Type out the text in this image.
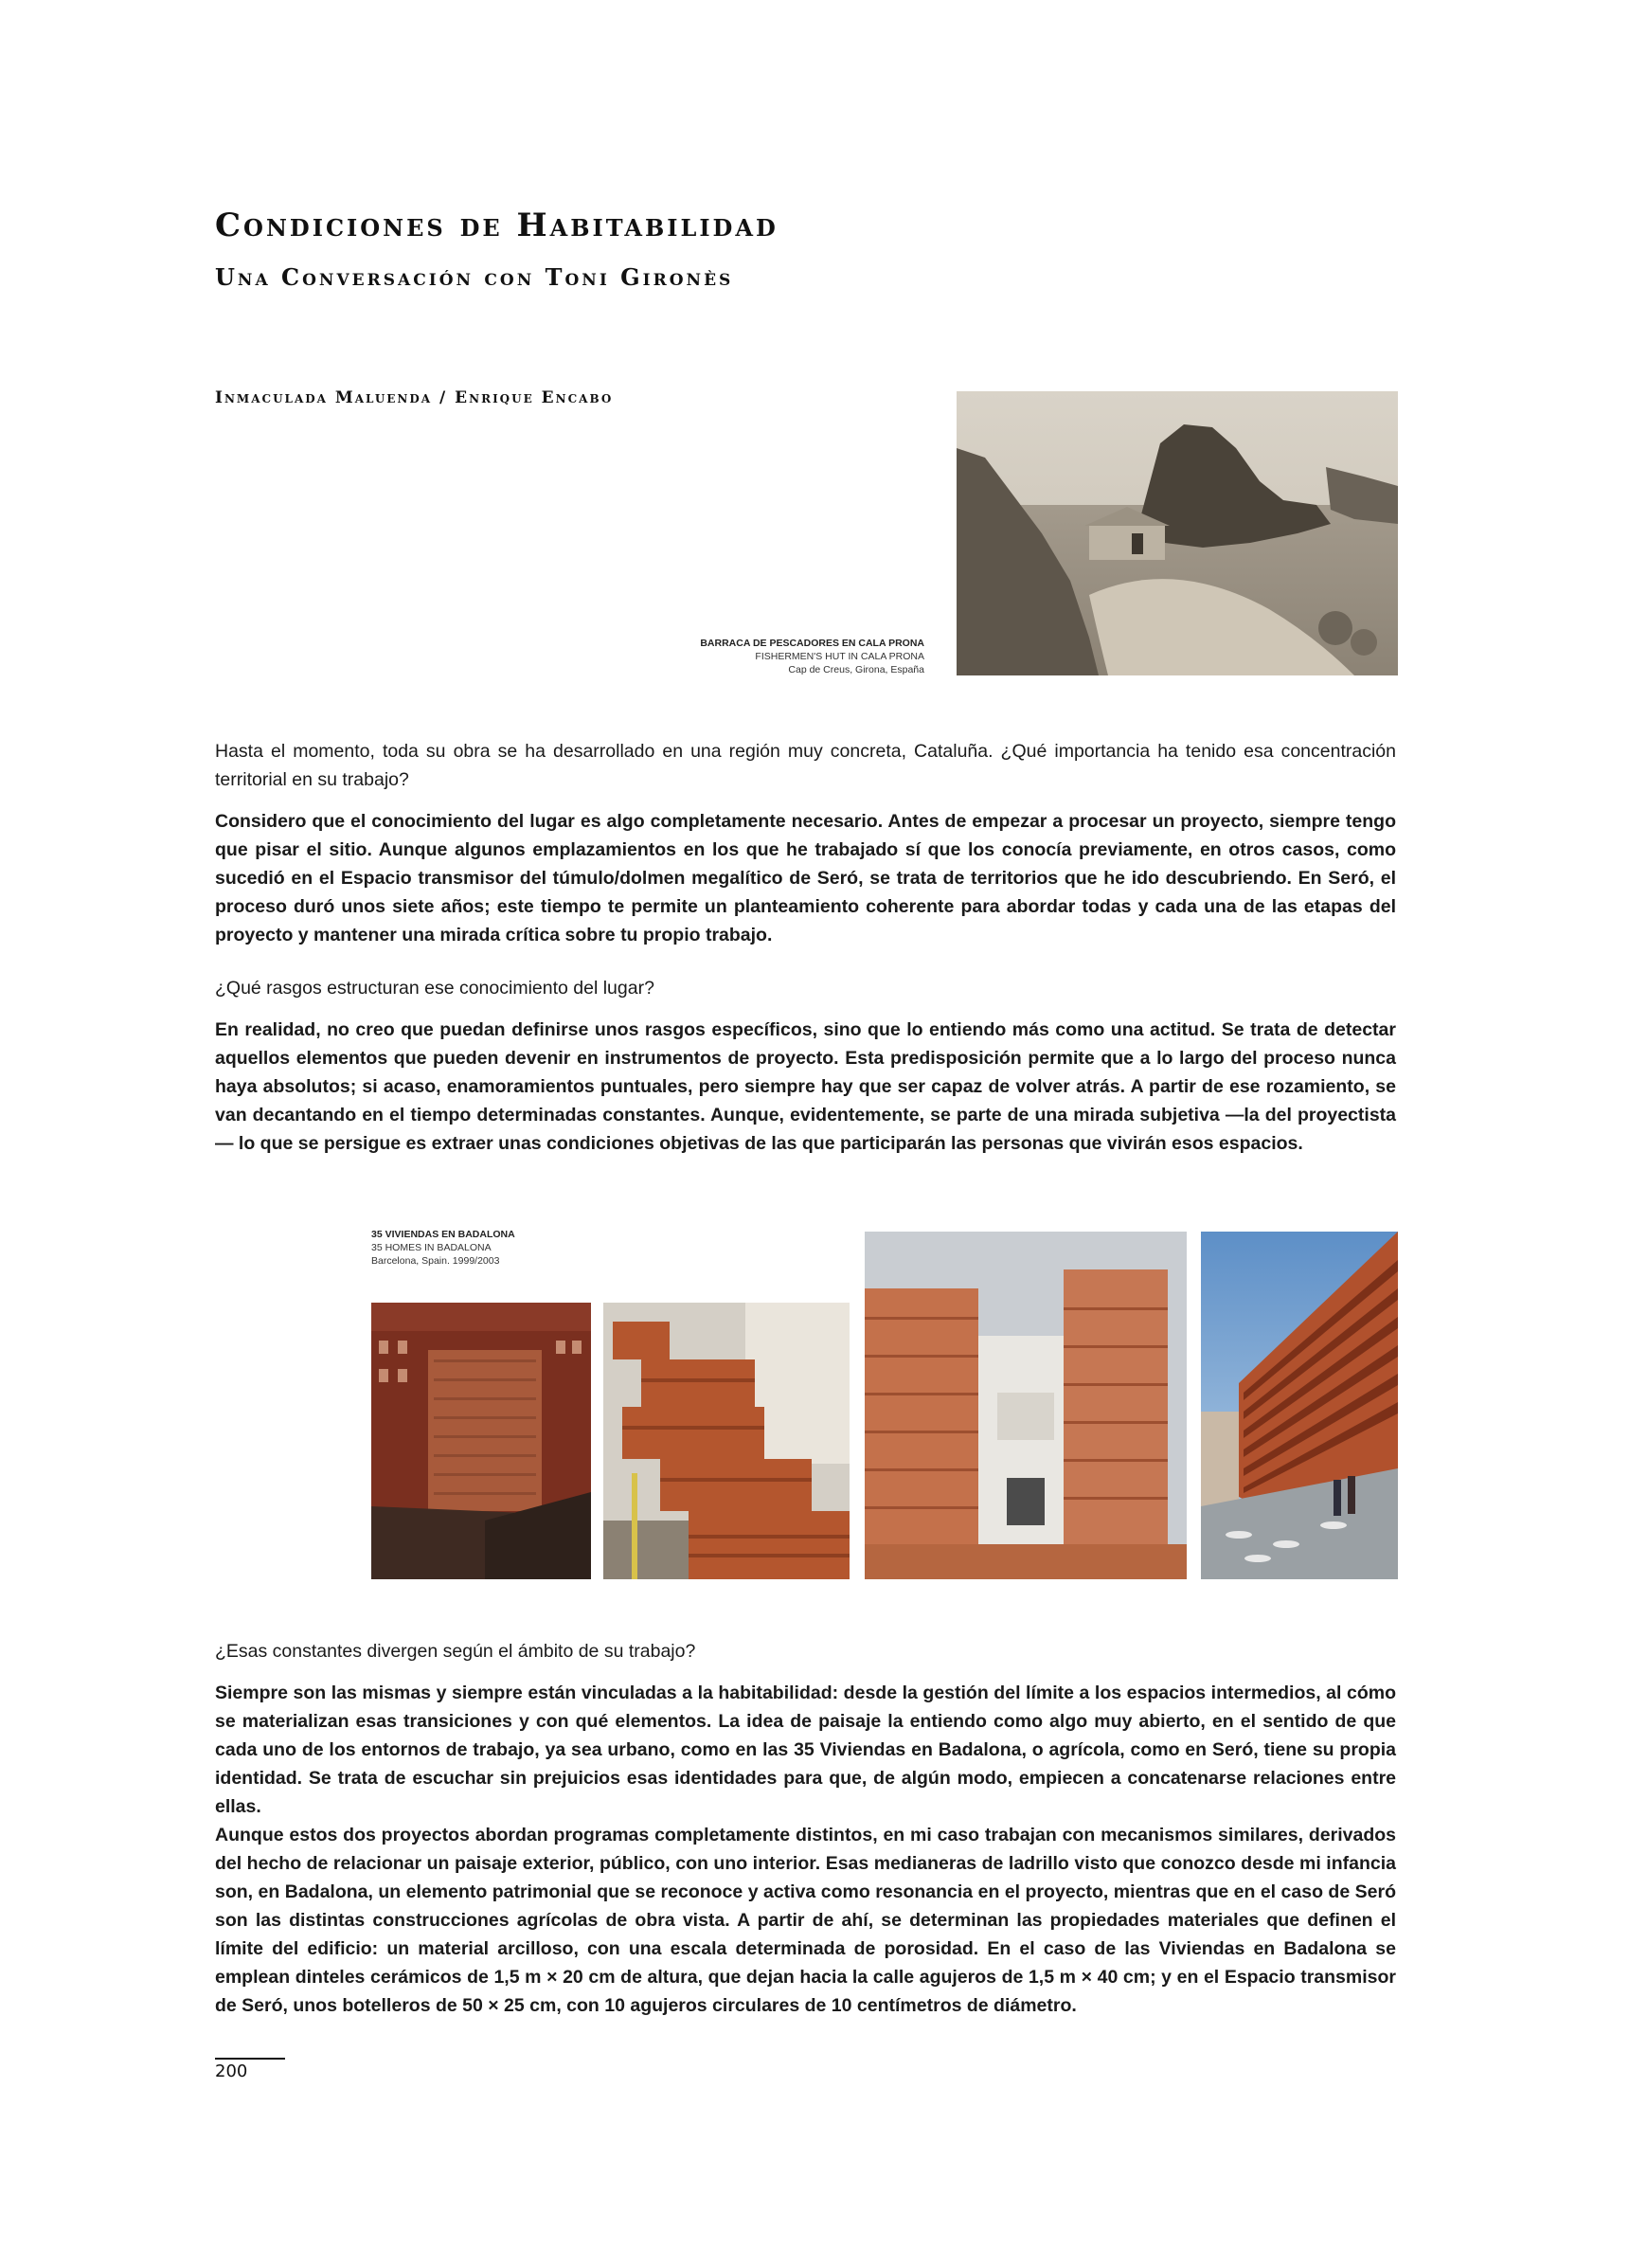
Condiciones de Habitabilidad
Una Conversación con Toni Gironès
Inmaculada Maluenda / Enrique Encabo
BARRACA DE PESCADORES EN CALA PRONA
FISHERMEN'S HUT IN CALA PRONA
Cap de Creus, Girona, España

Hasta el momento, toda su obra se ha desarrollado en una región muy concreta, Cataluña. ¿Qué importancia ha tenido esa concentración territorial en su trabajo?

Considero que el conocimiento del lugar es algo completamente necesario. Antes de empezar a procesar un proyecto, siempre tengo que pisar el sitio. Aunque algunos emplazamientos en los que he trabajado sí que los conocía previamente, en otros casos, como sucedió en el Espacio transmisor del túmulo/dolmen megalítico de Seró, se trata de territorios que he ido descubriendo. En Seró, el proceso duró unos siete años; este tiempo te permite un planteamiento coherente para abordar todas y cada una de las etapas del proyecto y mantener una mirada crítica sobre tu propio trabajo.

¿Qué rasgos estructuran ese conocimiento del lugar?

En realidad, no creo que puedan definirse unos rasgos específicos, sino que lo entiendo más como una actitud. Se trata de detectar aquellos elementos que pueden devenir en instrumentos de proyecto. Esta predisposición permite que a lo largo del proceso nunca haya absolutos; si acaso, enamoramientos puntuales, pero siempre hay que ser capaz de volver atrás. A partir de ese rozamiento, se van decantando en el tiempo determinadas constantes. Aunque, evidentemente, se parte de una mirada subjetiva —la del proyectista— lo que se persigue es extraer unas condiciones objetivas de las que participarán las personas que vivirán esos espacios.

35 VIVIENDAS EN BADALONA
35 HOMES IN BADALONA
Barcelona, Spain. 1999/2003

¿Esas constantes divergen según el ámbito de su trabajo?

Siempre son las mismas y siempre están vinculadas a la habitabilidad: desde la gestión del límite a los espacios intermedios, al cómo se materializan esas transiciones y con qué elementos. La idea de paisaje la entiendo como algo muy abierto, en el sentido de que cada uno de los entornos de trabajo, ya sea urbano, como en las 35 Viviendas en Badalona, o agrícola, como en Seró, tiene su propia identidad. Se trata de escuchar sin prejuicios esas identidades para que, de algún modo, empiecen a concatenarse relaciones entre ellas.

Aunque estos dos proyectos abordan programas completamente distintos, en mi caso trabajan con mecanismos similares, derivados del hecho de relacionar un paisaje exterior, público, con uno interior. Esas medianeras de ladrillo visto que conozco desde mi infancia son, en Badalona, un elemento patrimonial que se reconoce y activa como resonancia en el proyecto, mientras que en el caso de Seró son las distintas construcciones agrícolas de obra vista. A partir de ahí, se determinan las propiedades materiales que definen el límite del edificio: un material arcilloso, con una escala determinada de porosidad. En el caso de las Viviendas en Badalona se emplean dinteles cerámicos de 1,5 m × 20 cm de altura, que dejan hacia la calle agujeros de 1,5 m × 40 cm; y en el Espacio transmisor de Seró, unos botelleros de 50 × 25 cm, con 10 agujeros circulares de 10 centímetros de diámetro.

200
